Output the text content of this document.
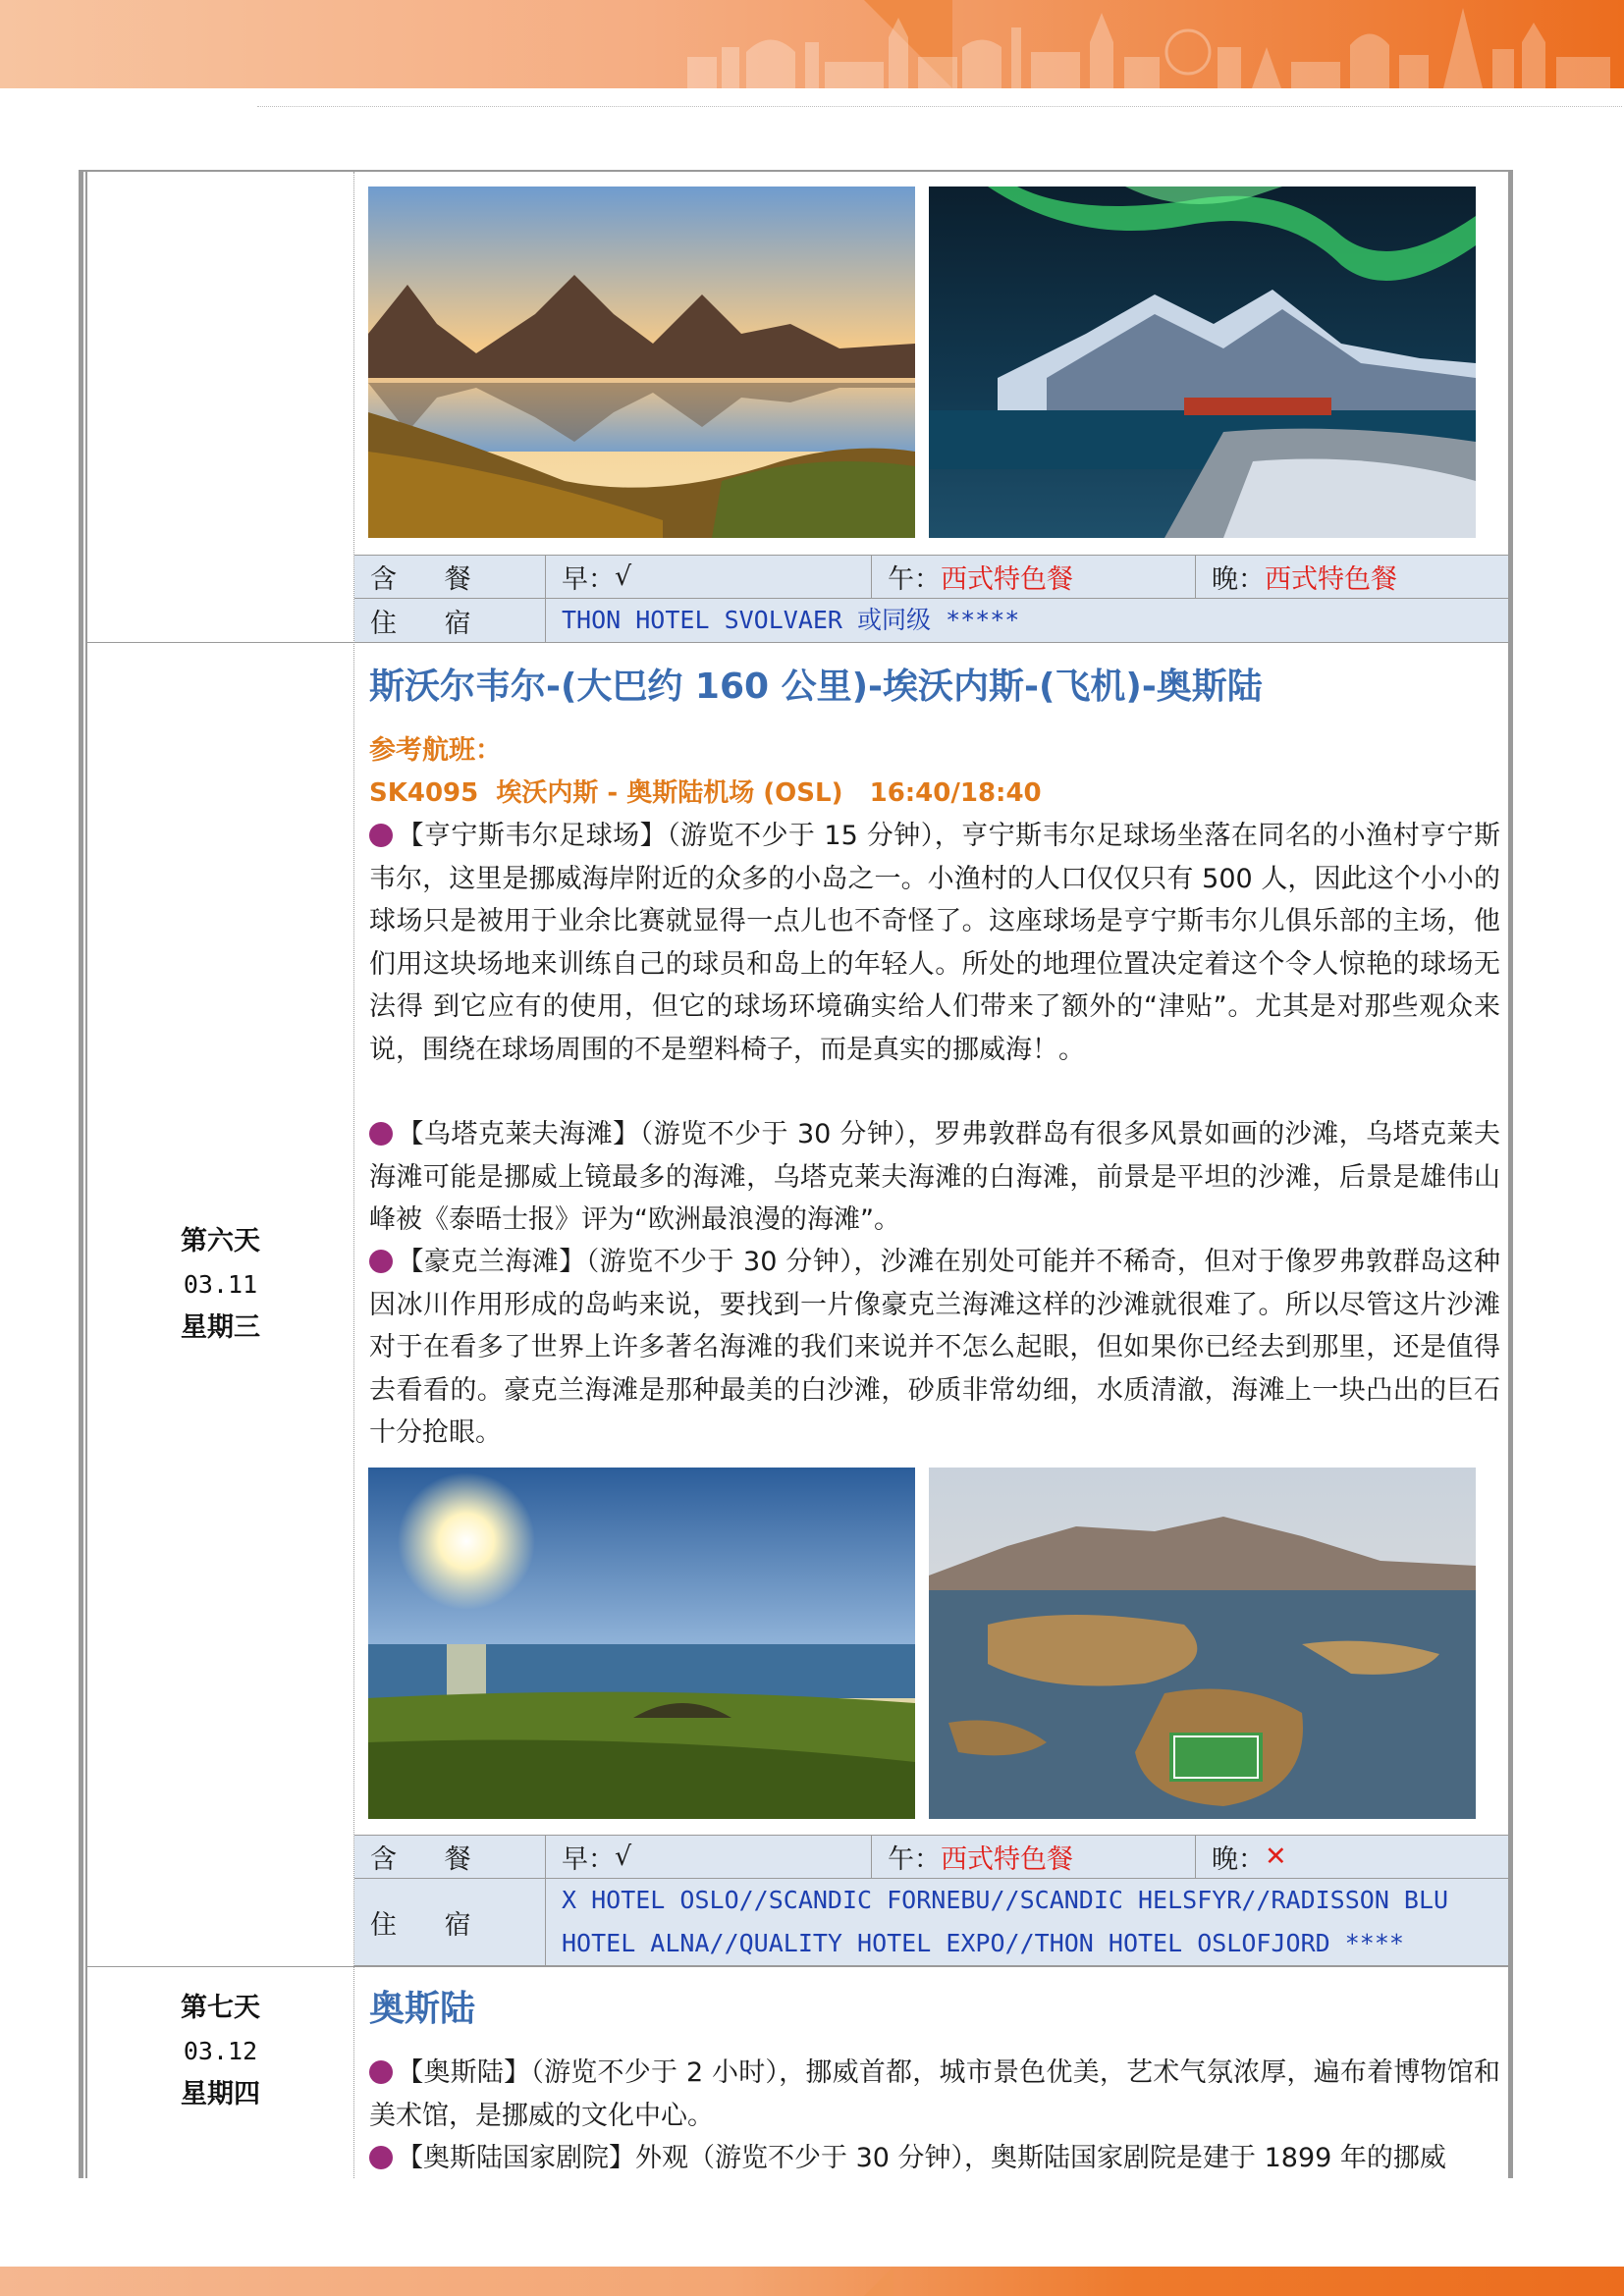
含 餐	早： √	午： 西式特色餐	晚： 西式特色餐
住 宿	THON HOTEL SVOLVAER 或同级 *****
第六天
03.11
星期三
斯沃尔韦尔-(大巴约 160 公里)-埃沃内斯-(飞机)-奥斯陆
参考航班：
SK4095  埃沃内斯 - 奥斯陆机场 (OSL)   16:40/18:40
【亨宁斯韦尔足球场】（游览不少于 15 分钟），亨宁斯韦尔足球场坐落在同名的小渔村亨宁斯韦尔，这里是挪威海岸附近的众多的小岛之一。小渔村的人口仅仅只有 500 人，因此这个小小的球场只是被用于业余比赛就显得一点儿也不奇怪了。这座球场是亨宁斯韦尔儿俱乐部的主场，他们用这块场地来训练自己的球员和岛上的年轻人。所处的地理位置决定着这个令人惊艳的球场无法得 到它应有的使用，但它的球场环境确实给人们带来了额外的“津贴”。尤其是对那些观众来说，围绕在球场周围的不是塑料椅子，而是真实的挪威海！。
【乌塔克莱夫海滩】（游览不少于 30 分钟），罗弗敦群岛有很多风景如画的沙滩，乌塔克莱夫海滩可能是挪威上镜最多的海滩，乌塔克莱夫海滩的白海滩，前景是平坦的沙滩，后景是雄伟山峰被《泰晤士报》评为“欧洲最浪漫的海滩”。
【豪克兰海滩】（游览不少于 30 分钟），沙滩在别处可能并不稀奇，但对于像罗弗敦群岛这种因冰川作用形成的岛屿来说，要找到一片像豪克兰海滩这样的沙滩就很难了。所以尽管这片沙滩对于在看多了世界上许多著名海滩的我们来说并不怎么起眼，但如果你已经去到那里，还是值得去看看的。豪克兰海滩是那种最美的白沙滩，砂质非常幼细，水质清澈，海滩上一块凸出的巨石十分抢眼。
含 餐	早： √	午： 西式特色餐	晚： ✕
住 宿
X HOTEL OSLO//SCANDIC FORNEBU//SCANDIC HELSFYR//RADISSON BLU
HOTEL ALNA//QUALITY HOTEL EXPO//THON HOTEL OSLOFJORD ****
第七天
03.12
星期四
奥斯陆
【奥斯陆】（游览不少于 2 小时），挪威首都，城市景色优美，艺术气氛浓厚，遍布着博物馆和美术馆，是挪威的文化中心。
【奥斯陆国家剧院】外观（游览不少于 30 分钟），奥斯陆国家剧院是建于 1899 年的挪威
